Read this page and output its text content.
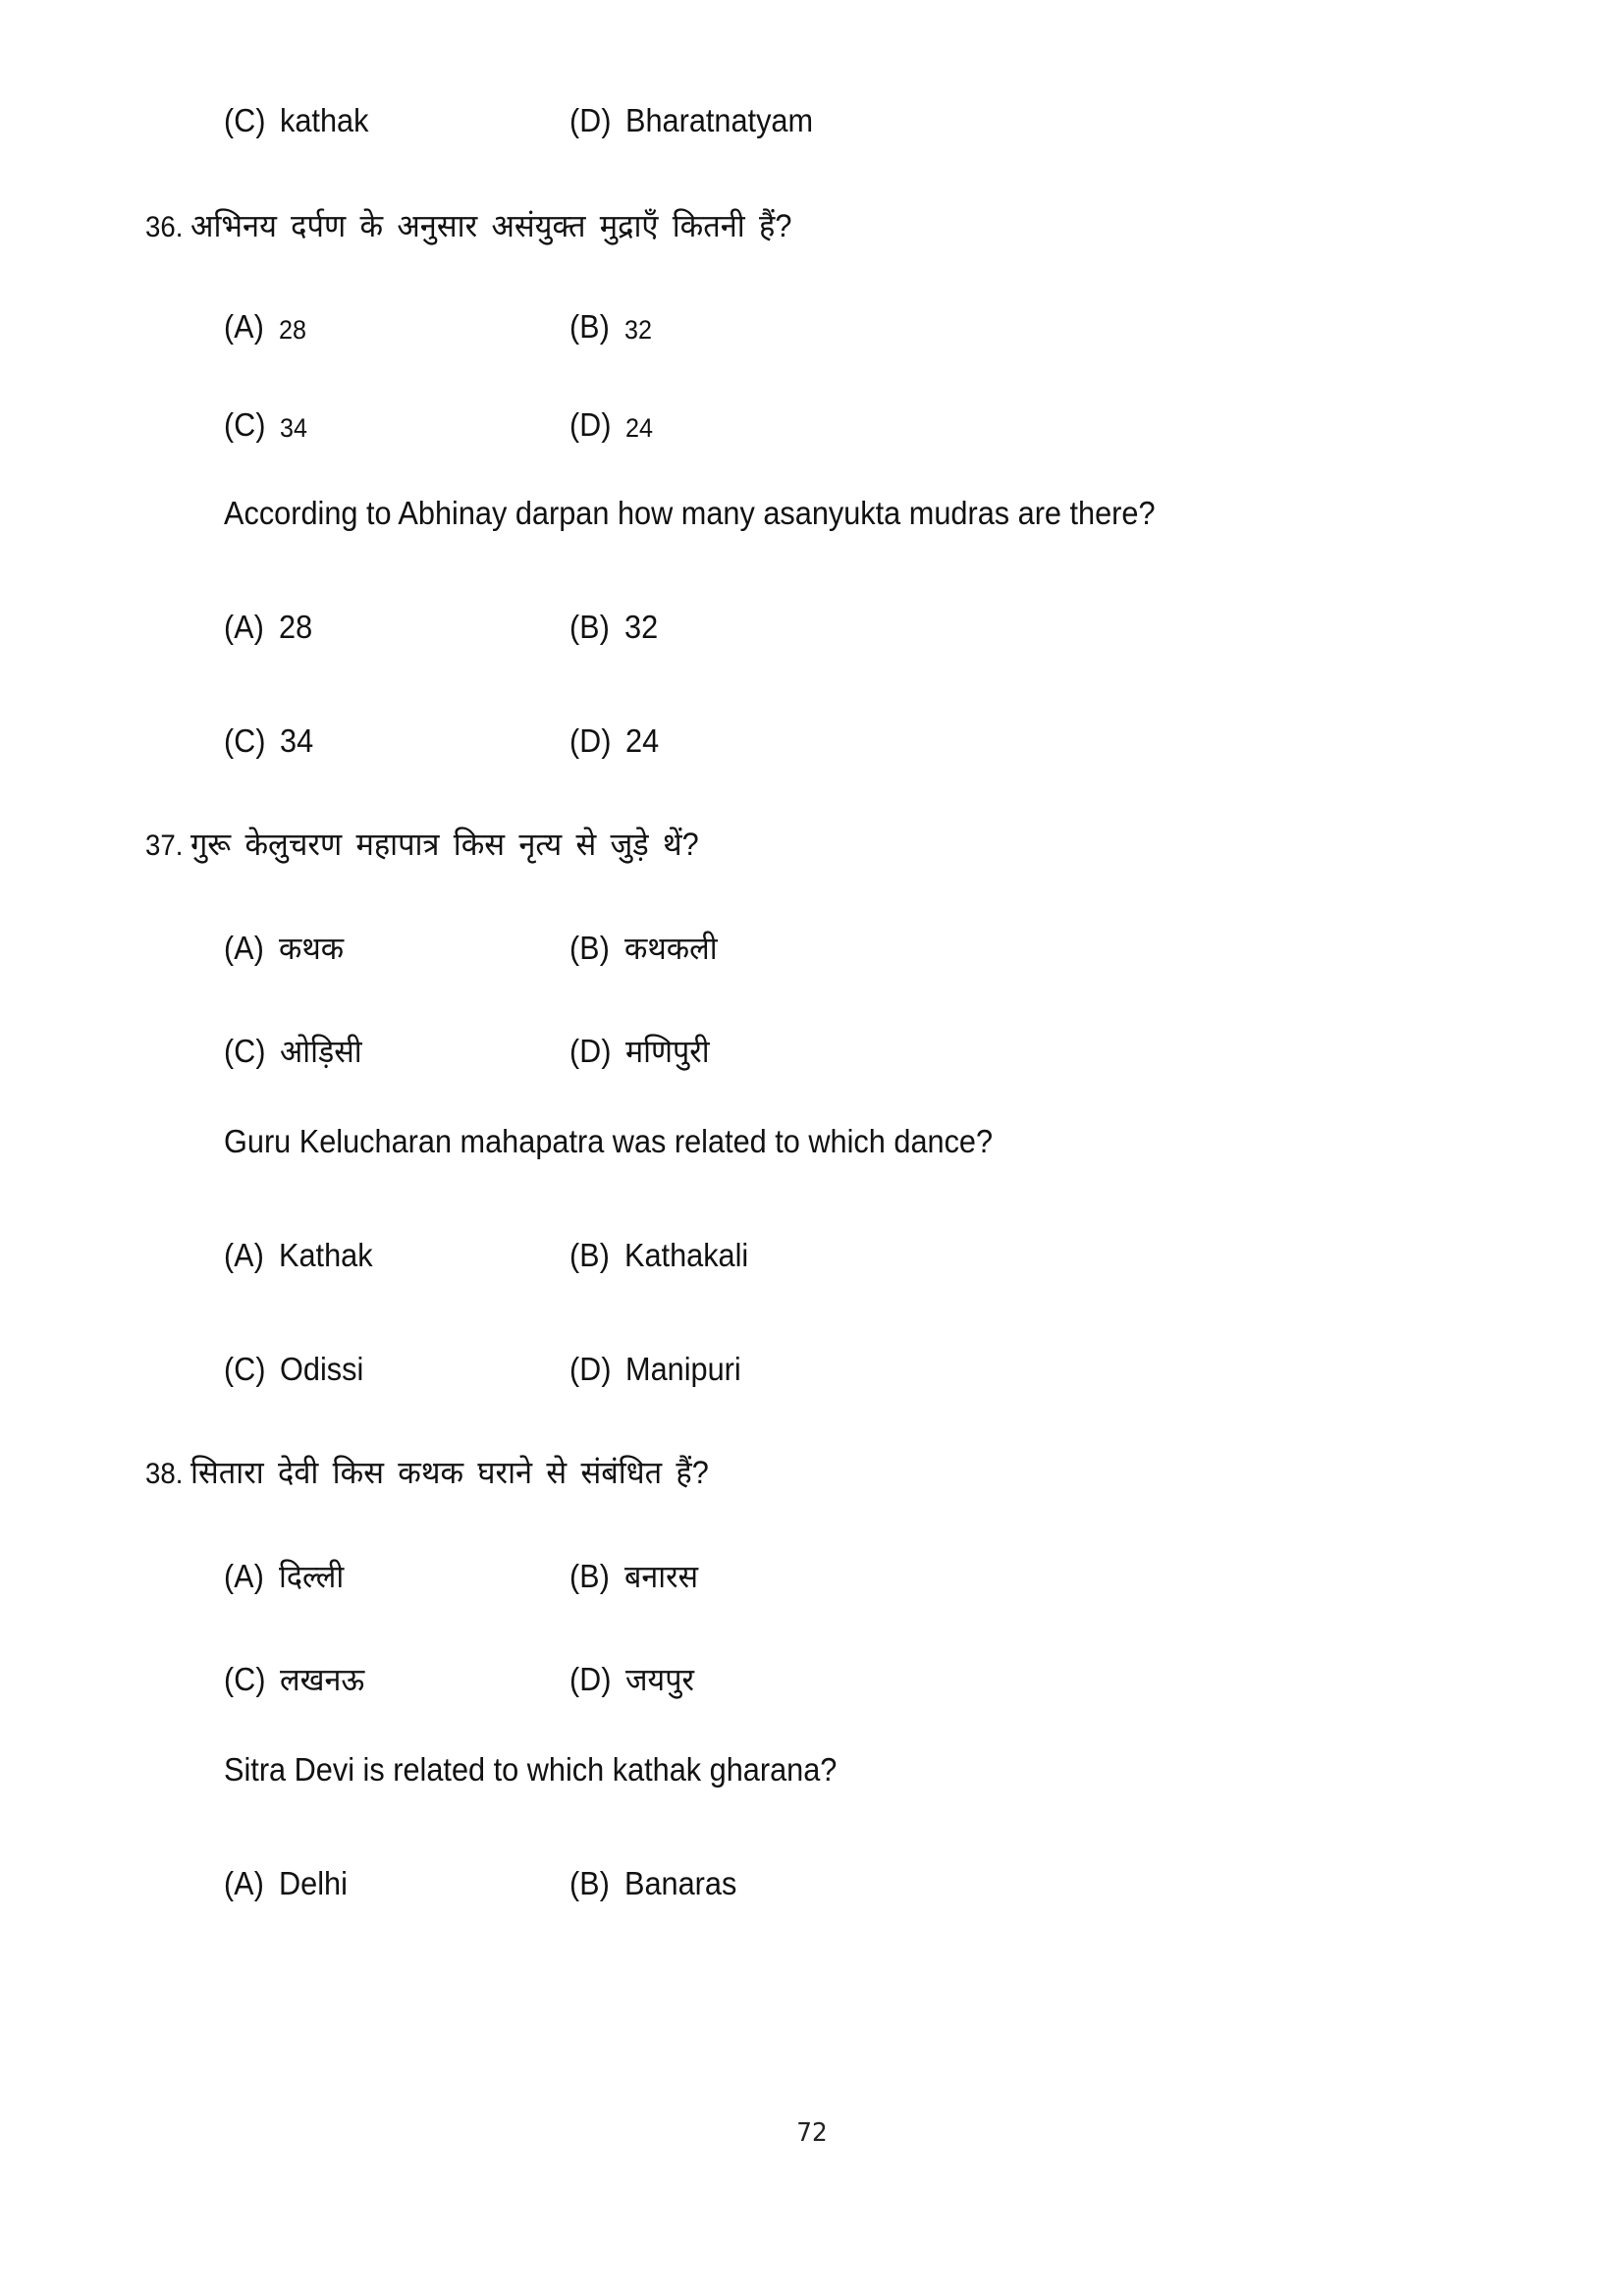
(C) kathak	(D) Bharatnatyam
36. अभिनय दर्पण के अनुसार असंयुक्त मुद्राएँ कितनी हैं?
(A) 28	(B) 32
(C) 34	(D) 24
According to Abhinay darpan how many asanyukta mudras are there?
(A) 28	(B) 32
(C) 34	(D) 24
37. गुरू केलुचरण महापात्र किस नृत्य से जुड़े थें?
(A) कथक	(B) कथकली
(C) ओड़िसी	(D) मणिपुरी
Guru Kelucharan mahapatra was related to which dance?
(A) Kathak	(B) Kathakali
(C) Odissi	(D) Manipuri
38. सितारा देवी किस कथक घराने से संबंधित हैं?
(A) दिल्ली	(B) बनारस
(C) लखनऊ	(D) जयपुर
Sitra Devi is related to which kathak gharana?
(A) Delhi	(B) Banaras
72
